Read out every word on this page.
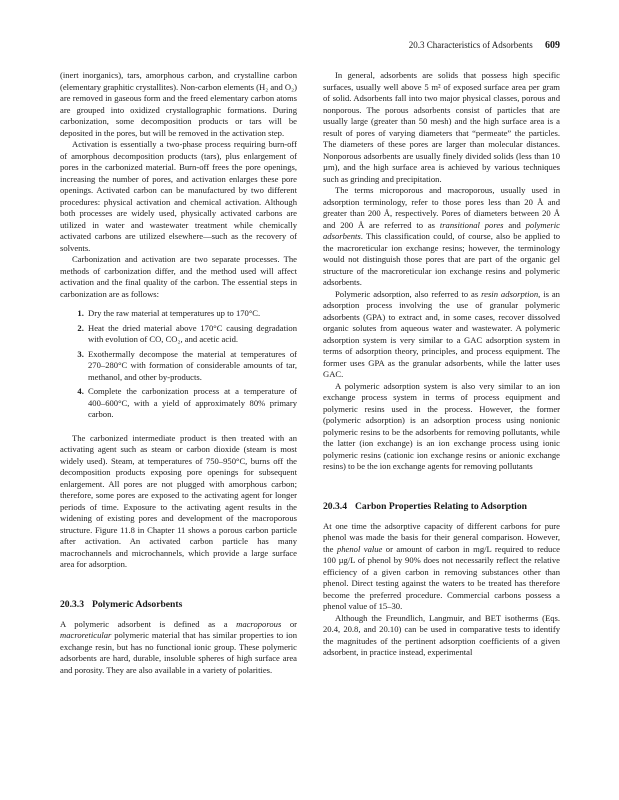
20.3 Characteristics of Adsorbents 609

(inert inorganics), tars, amorphous carbon, and crystalline carbon (elementary graphitic crystallites). Non-carbon elements (H₂ and O₂) are removed in gaseous form and the freed elementary carbon atoms are grouped into oxidized crystallographic formations. During carbonization, some decomposition products or tars will be deposited in the pores, but will be removed in the activation step.

Activation is essentially a two-phase process requiring burn-off of amorphous decomposition products (tars), plus enlargement of pores in the carbonized material. Burn-off frees the pore openings, increasing the number of pores, and activation enlarges these pore openings. Activated carbon can be manufactured by two different procedures: physical activation and chemical activation. Although both processes are widely used, physically activated carbons are utilized in water and wastewater treatment while chemically activated carbons are utilized elsewhere—such as the recovery of solvents.

Carbonization and activation are two separate processes. The methods of carbonization differ, and the method used will affect activation and the final quality of the carbon. The essential steps in carbonization are as follows:

1. Dry the raw material at temperatures up to 170°C.
2. Heat the dried material above 170°C causing degradation with evolution of CO, CO₂, and acetic acid.
3. Exothermally decompose the material at temperatures of 270–280°C with formation of considerable amounts of tar, methanol, and other by-products.
4. Complete the carbonization process at a temperature of 400–600°C, with a yield of approximately 80% primary carbon.

The carbonized intermediate product is then treated with an activating agent such as steam or carbon dioxide (steam is most widely used). Steam, at temperatures of 750–950°C, burns off the decomposition products exposing pore openings for subsequent enlargement. All pores are not plugged with amorphous carbon; therefore, some pores are exposed to the activating agent for longer periods of time. Exposure to the activating agent results in the widening of existing pores and development of the macroporous structure. Figure 11.8 in Chapter 11 shows a porous carbon particle after activation. An activated carbon particle has many macrochannels and microchannels, which provide a large surface area for adsorption.

20.3.3 Polymeric Adsorbents

A polymeric adsorbent is defined as a macroporous or macroreticular polymeric material that has similar properties to ion exchange resin, but has no functional ionic group. These polymeric adsorbents are hard, durable, insoluble spheres of high surface area and porosity. They are also available in a variety of polarities.

In general, adsorbents are solids that possess high specific surfaces, usually well above 5 m² of exposed surface area per gram of solid. Adsorbents fall into two major physical classes, porous and nonporous. The porous adsorbents consist of particles that are usually large (greater than 50 mesh) and the high surface area is a result of pores of varying diameters that “permeate” the particles. The diameters of these pores are larger than molecular distances. Nonporous adsorbents are usually finely divided solids (less than 10 µm), and the high surface area is achieved by various techniques such as grinding and precipitation.

The terms microporous and macroporous, usually used in adsorption terminology, refer to those pores less than 20 Å and greater than 200 Å, respectively. Pores of diameters between 20 Å and 200 Å are referred to as transitional pores and polymeric adsorbents. This classification could, of course, also be applied to the macroreticular ion exchange resins; however, the terminology would not distinguish those pores that are part of the organic gel structure of the macroreticular ion exchange resins and polymeric adsorbents.

Polymeric adsorption, also referred to as resin adsorption, is an adsorption process involving the use of granular polymeric adsorbents (GPA) to extract and, in some cases, recover dissolved organic solutes from aqueous water and wastewater. A polymeric adsorption system is very similar to a GAC adsorption system in terms of adsorption theory, principles, and process equipment. The former uses GPA as the granular adsorbents, while the latter uses GAC.

A polymeric adsorption system is also very similar to an ion exchange process system in terms of process equipment and polymeric resins used in the process. However, the former (polymeric adsorption) is an adsorption process using nonionic polymeric resins to be the adsorbents for removing pollutants, while the latter (ion exchange) is an ion exchange process using ionic polymeric resins (cationic ion exchange resins or anionic exchange resins) to be the ion exchange agents for removing pollutants

20.3.4 Carbon Properties Relating to Adsorption

At one time the adsorptive capacity of different carbons for pure phenol was made the basis for their general comparison. However, the phenol value or amount of carbon in mg/L required to reduce 100 µg/L of phenol by 90% does not necessarily reflect the relative efficiency of a given carbon in removing substances other than phenol. Direct testing against the waters to be treated has therefore become the preferred procedure. Commercial carbons possess a phenol value of 15–30.

Although the Freundlich, Langmuir, and BET isotherms (Eqs. 20.4, 20.8, and 20.10) can be used in comparative tests to identify the magnitudes of the pertinent adsorption coefficients of a given adsorbent, in practice instead, experimental
